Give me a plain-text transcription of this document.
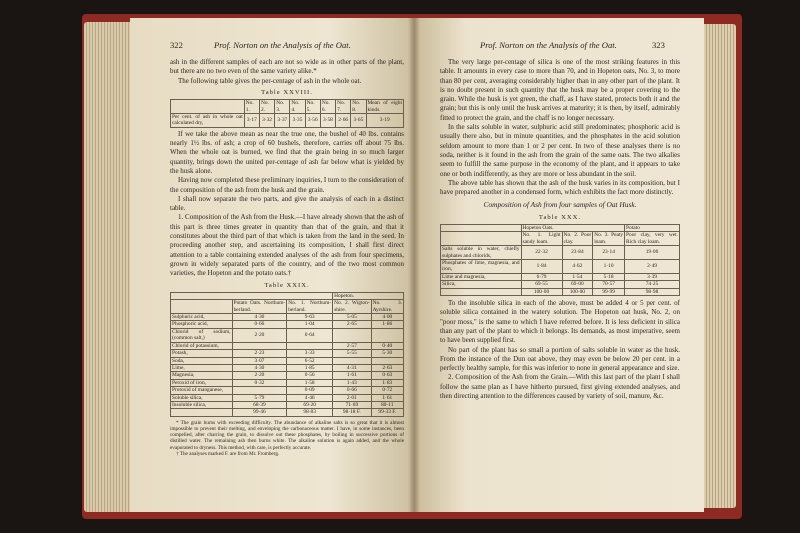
322	Prof. Norton on the Analysis of the Oat.

ash in the different samples of each are not so wide as in other parts of the plant, but there are no two even of the same variety alike.*

The following table gives the per-centage of ash in the whole oat.

Table XXVIII.
	No. 1.	No. 2.	No. 3.	No. 4.	No. 5.	No. 6.	No. 7.	No. 8.	Mean of eight kinds.
Per cent. of ash in whole oat calculated dry,	3·17	3·32	3·37	3·35	3·56	3·58	2·66	3·65	3·19

If we take the above mean as near the true one, the bushel of 40 lbs. contains nearly 1½ lbs. of ash; a crop of 60 bushels, therefore, carries off about 75 lbs. When the whole oat is burned, we find that the grain being in so much larger quantity, brings down the united per-centage of ash far below what is yielded by the husk alone.

Having now completed these preliminary inquiries, I turn to the consideration of the composition of the ash from the husk and the grain.

I shall now separate the two parts, and give the analysis of each in a distinct table.

1. Composition of the Ash from the Husk.—I have already shown that the ash of this part is three times greater in quantity than that of the grain, and that it constitutes about the third part of that which is taken from the land in the seed. In proceeding another step, and ascertaining its composition, I shall first direct attention to a table containing extended analyses of the ash from four specimens, grown in widely separated parts of the country, and of the two most common varieties, the Hopeton and the potato oats.†

Table XXIX.
			Hopeton.	
	Potato Oats. Northum-berland.	No. 1. Northum-berland.	No. 2. Wigton-shire.	No. 3. Ayrshire.
Sulphuric acid,	4·30	9·63	5·05	4·00
Phosphoric acid,	0·66	1·04	2·65	1·86
Chlorid of sodium, (common salt,)	2·20	0·64		
Chlorid of potassium,			2·57	0·40
Potash,	2·23	3·33	5·55	5·30
Soda,	3·07	6·52		
Lime,	4·30	1·85	4·31	2·63
Magnesia,	2·20	0·56	1·61	0·63
Peroxid of iron,	0·32	1·58	1·43	1·83
Protoxid of manganese,		0·09	0·66	0·72
Soluble silica,	5·79	4·46	2·01	1·61
Insoluble silica,	68·39	69·20	71·69	80·11
	99·46	98·83	98·18 F.	99·33 F.

* The grain burns with exceeding difficulty. The abundance of alkaline salts is so great that it is almost impossible to prevent their melting, and enveloping the carbonaceous matter. I have, in some instances, been compelled, after charring the grain, to dissolve out these phosphates, by boiling in successive portions of distilled water. The remaining ash then burns white. The alkaline solution is again added, and the whole evaporated to dryness. This method, with care, is perfectly accurate.

† The analyses marked F. are from Mr. Fromberg.

Prof. Norton on the Analysis of the Oat.	323

The very large per-centage of silica is one of the most striking features in this table. It amounts in every case to more than 70, and in Hopeton oats, No. 3, to more than 80 per cent, averaging considerably higher than in any other part of the plant. It is no doubt present in such quantity that the husk may be a proper covering to the grain. While the husk is yet green, the chaff, as I have stated, protects both it and the grain; but this is only until the husk arrives at maturity; it is then, by itself, admirably fitted to protect the grain, and the chaff is no longer necessary.

In the salts soluble in water, sulphuric acid still predominates; phosphoric acid is usually there also, but in minute quantities, and the phosphates in the acid solution seldom amount to more than 1 or 2 per cent. In two of these analyses there is no soda, neither is it found in the ash from the grain of the same oats. The two alkalies seem to fulfill the same purpose in the economy of the plant, and it appears to take one or both indifferently, as they are more or less abundant in the soil.

The above table has shown that the ash of the husk varies in its composition, but I have prepared another in a condensed form, which exhibits the fact more distinctly.

Composition of Ash from four samples of Oat Husk.
Table XXX.
	Hopeton Oats.			Potato
	No. 1. Light sandy loam.	No. 2. Poor clay.	No. 3. Peaty loam.	Poor clay, very wet. Rich clay loam.
Salts soluble in water, chiefly sulphates and chlorids,	22·32	23·84	23·14	19·06
Phosphates of lime, magnesia, and iron,	1·84	4·62	1·10	2·49
Lime and magnesia,	6·79	1·54	5·18	3·39
Silica,	69·55	69·00	70·57	74·25
	100·00	100·00	99·99	98·98

To the insoluble silica in each of the above, must be added 4 or 5 per cent. of soluble silica contained in the watery solution. The Hopeton oat husk, No. 2, on "poor moss," is the same to which I have referred before. It is less deficient in silica than any part of the plant to which it belongs. Its demands, as most imperative, seem to have been supplied first.

No part of the plant has so small a portion of salts soluble in water as the husk. From the instance of the Dun oat above, they may even be below 20 per cent. in a perfectly healthy sample, for this was inferior to none in general appearance and size.

2. Composition of the Ash from the Grain.—With this last part of the plant I shall follow the same plan as I have hitherto pursued, first giving extended analyses, and then directing attention to the differences caused by variety of soil, manure, &c.
